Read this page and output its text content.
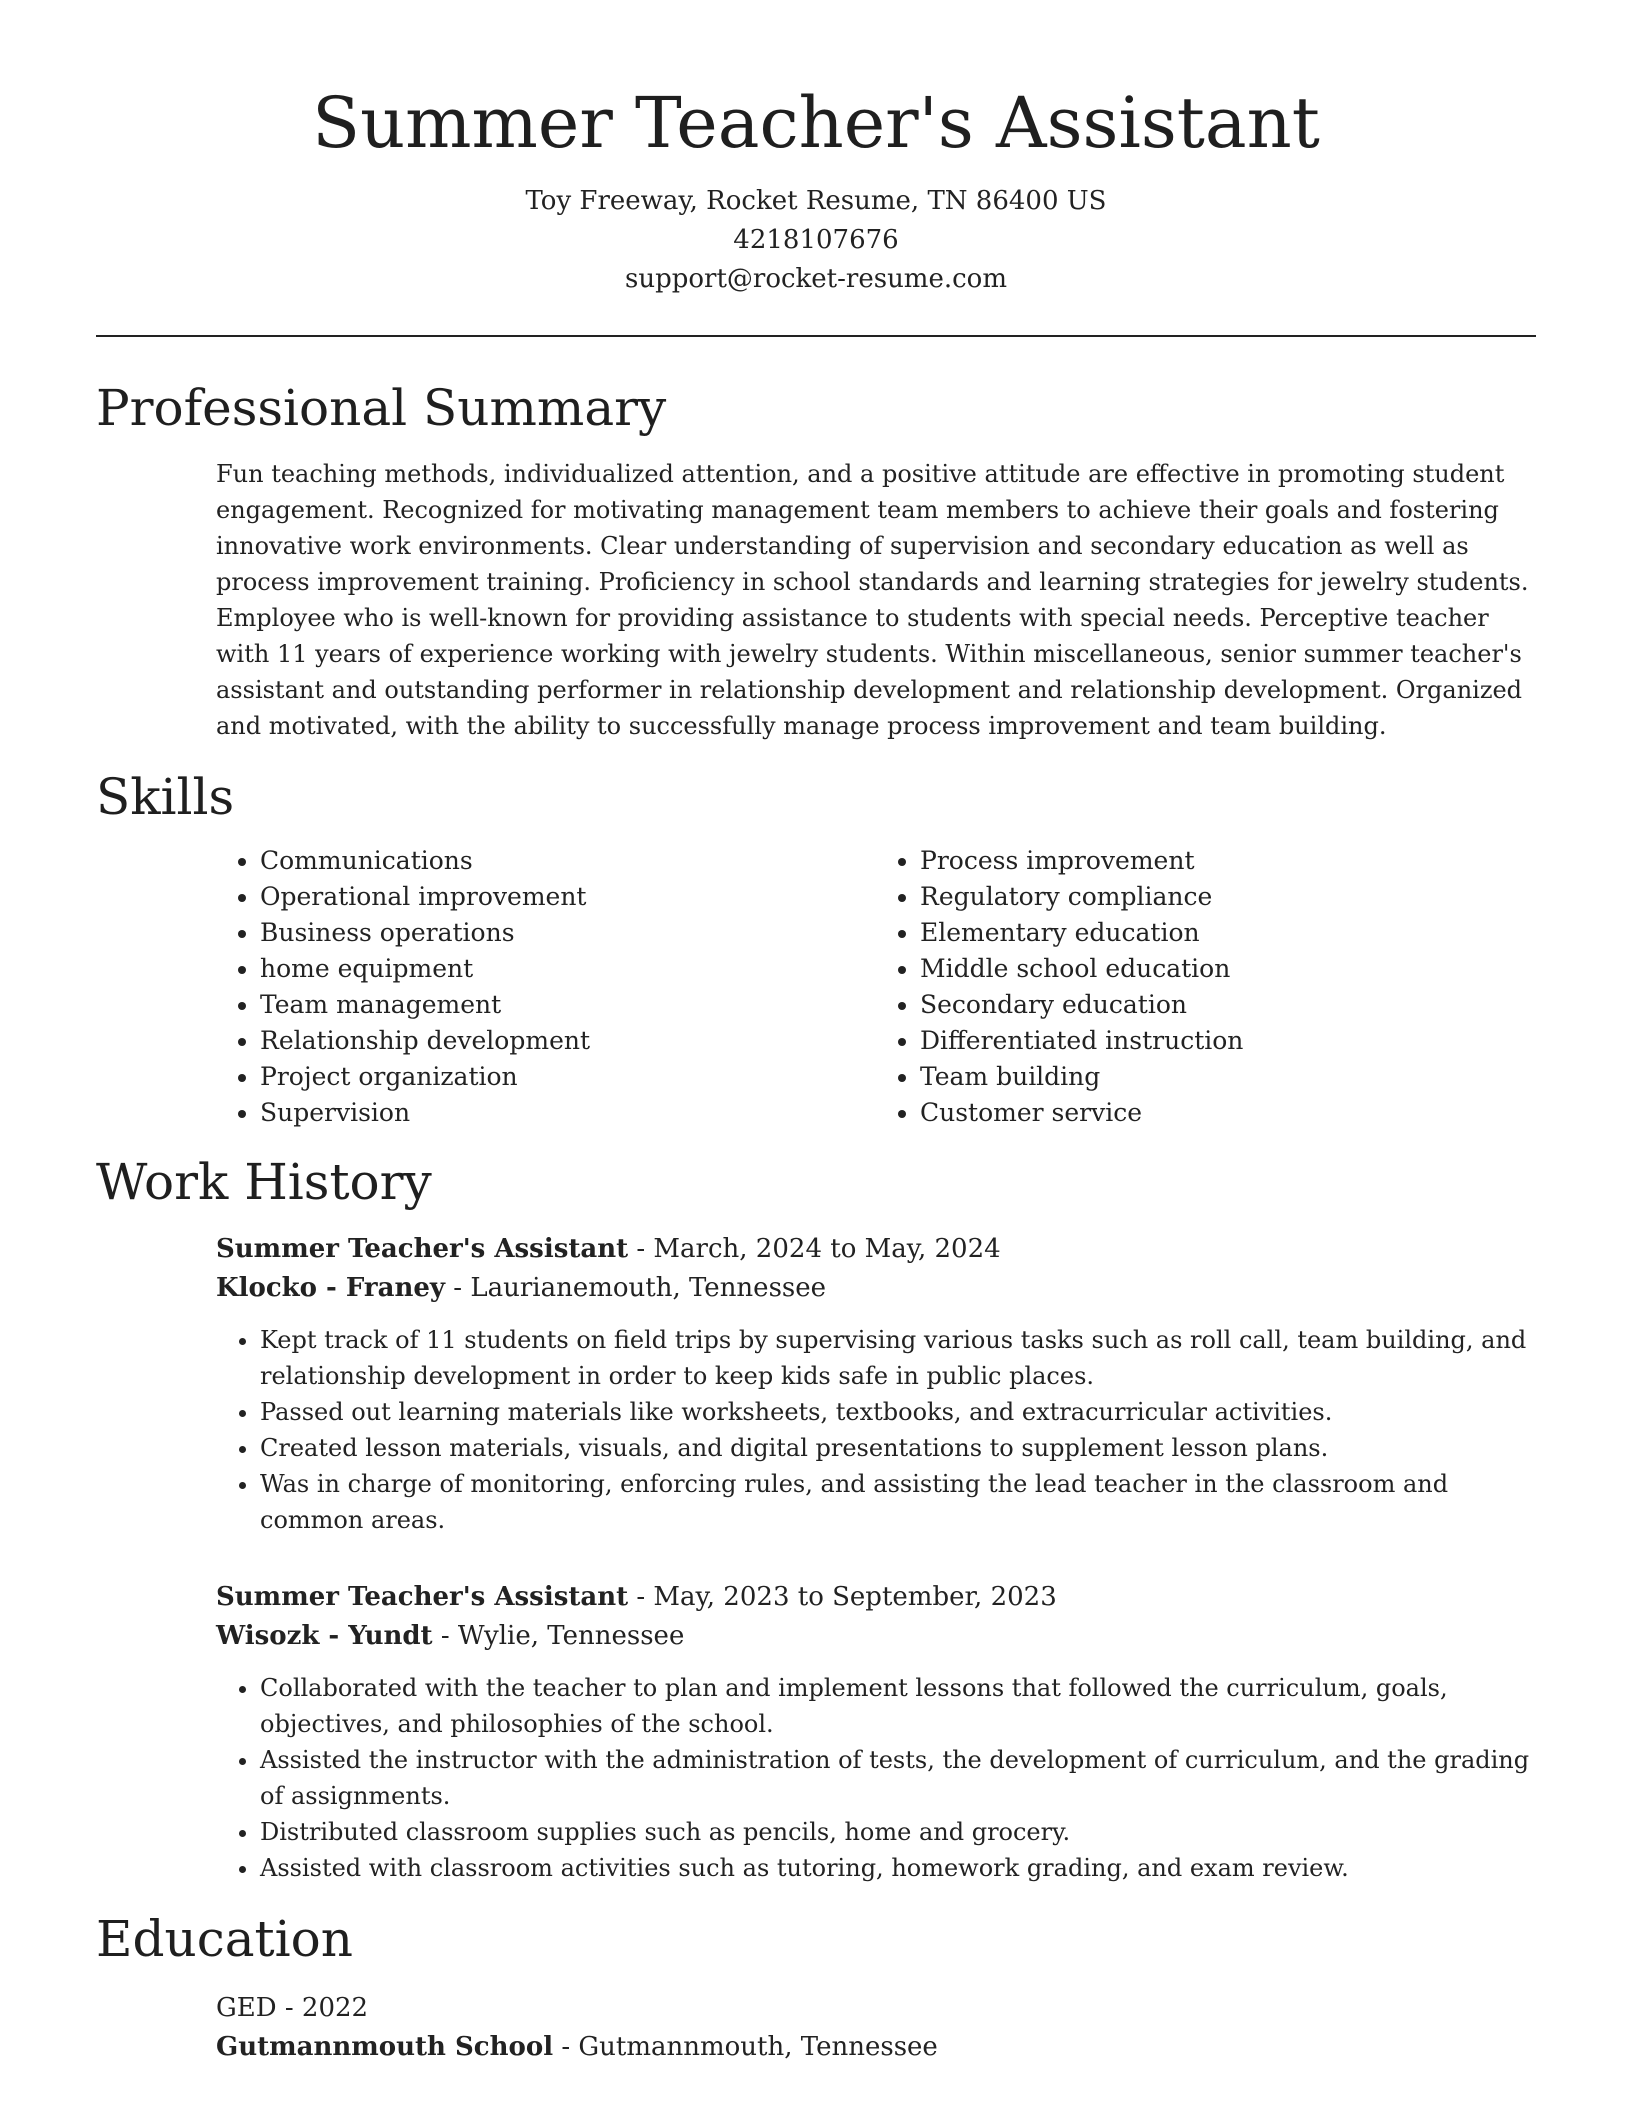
Summer Teacher's Assistant
Toy Freeway, Rocket Resume, TN 86400 US
4218107676
support@rocket-resume.com
Professional Summary

Fun teaching methods, individualized attention, and a positive attitude are effective in promoting student engagement. Recognized for motivating management team members to achieve their goals and fostering innovative work environments. Clear understanding of supervision and secondary education as well as process improvement training. Proficiency in school standards and learning strategies for jewelry students. Employee who is well-known for providing assistance to students with special needs. Perceptive teacher with 11 years of experience working with jewelry students. Within miscellaneous, senior summer teacher's assistant and outstanding performer in relationship development and relationship development. Organized and motivated, with the ability to successfully manage process improvement and team building.

Skills
• Communications
• Operational improvement
• Business operations
• home equipment
• Team management
• Relationship development
• Project organization
• Supervision
• Process improvement
• Regulatory compliance
• Elementary education
• Middle school education
• Secondary education
• Differentiated instruction
• Team building
• Customer service
Work History
Summer Teacher's Assistant - March, 2024 to May, 2024
Klocko - Franey - Laurianemouth, Tennessee
• Kept track of 11 students on field trips by supervising various tasks such as roll call, team building, and relationship development in order to keep kids safe in public places.
• Passed out learning materials like worksheets, textbooks, and extracurricular activities.
• Created lesson materials, visuals, and digital presentations to supplement lesson plans.
• Was in charge of monitoring, enforcing rules, and assisting the lead teacher in the classroom and common areas.
Summer Teacher's Assistant - May, 2023 to September, 2023
Wisozk - Yundt - Wylie, Tennessee
• Collaborated with the teacher to plan and implement lessons that followed the curriculum, goals, objectives, and philosophies of the school.
• Assisted the instructor with the administration of tests, the development of curriculum, and the grading of assignments.
• Distributed classroom supplies such as pencils, home and grocery.
• Assisted with classroom activities such as tutoring, homework grading, and exam review.
Education
GED - 2022
Gutmannmouth School - Gutmannmouth, Tennessee
